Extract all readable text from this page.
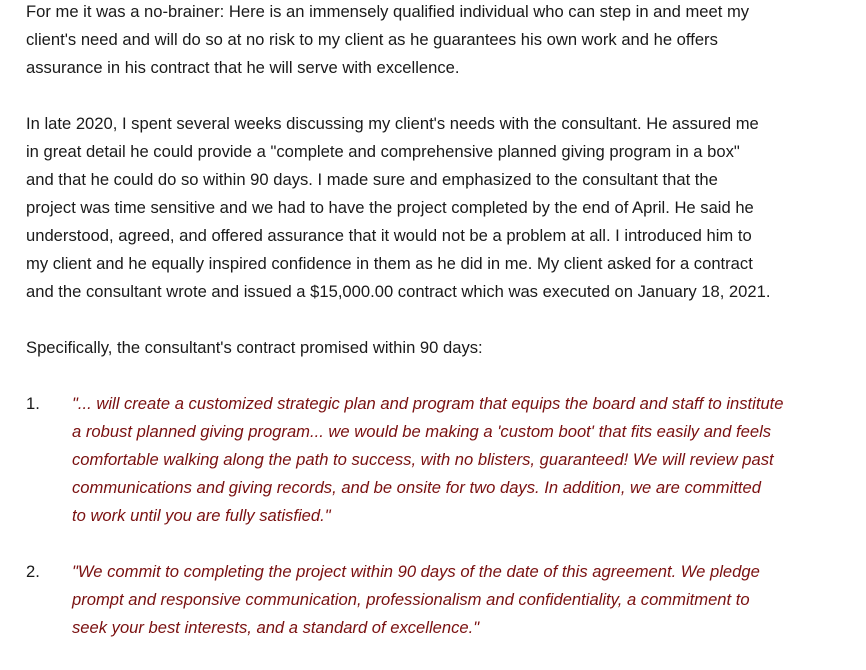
For me it was a no-brainer: Here is an immensely qualified individual who can step in and meet my
client's need and will do so at no risk to my client as he guarantees his own work and he offers
assurance in his contract that he will serve with excellence.

In late 2020, I spent several weeks discussing my client's needs with the consultant. He assured me
in great detail he could provide a "complete and comprehensive planned giving program in a box"
and that he could do so within 90 days. I made sure and emphasized to the consultant that the
project was time sensitive and we had to have the project completed by the end of April. He said he
understood, agreed, and offered assurance that it would not be a problem at all. I introduced him to
my client and he equally inspired confidence in them as he did in me. My client asked for a contract
and the consultant wrote and issued a $15,000.00 contract which was executed on January 18, 2021.

Specifically, the consultant's contract promised within 90 days:

1. "... will create a customized strategic plan and program that equips the board and staff to institute
a robust planned giving program... we would be making a 'custom boot' that fits easily and feels
comfortable walking along the path to success, with no blisters, guaranteed! We will review past
communications and giving records, and be onsite for two days. In addition, we are committed
to work until you are fully satisfied."
2. "We commit to completing the project within 90 days of the date of this agreement. We pledge
prompt and responsive communication, professionalism and confidentiality, a commitment to
seek your best interests, and a standard of excellence."
